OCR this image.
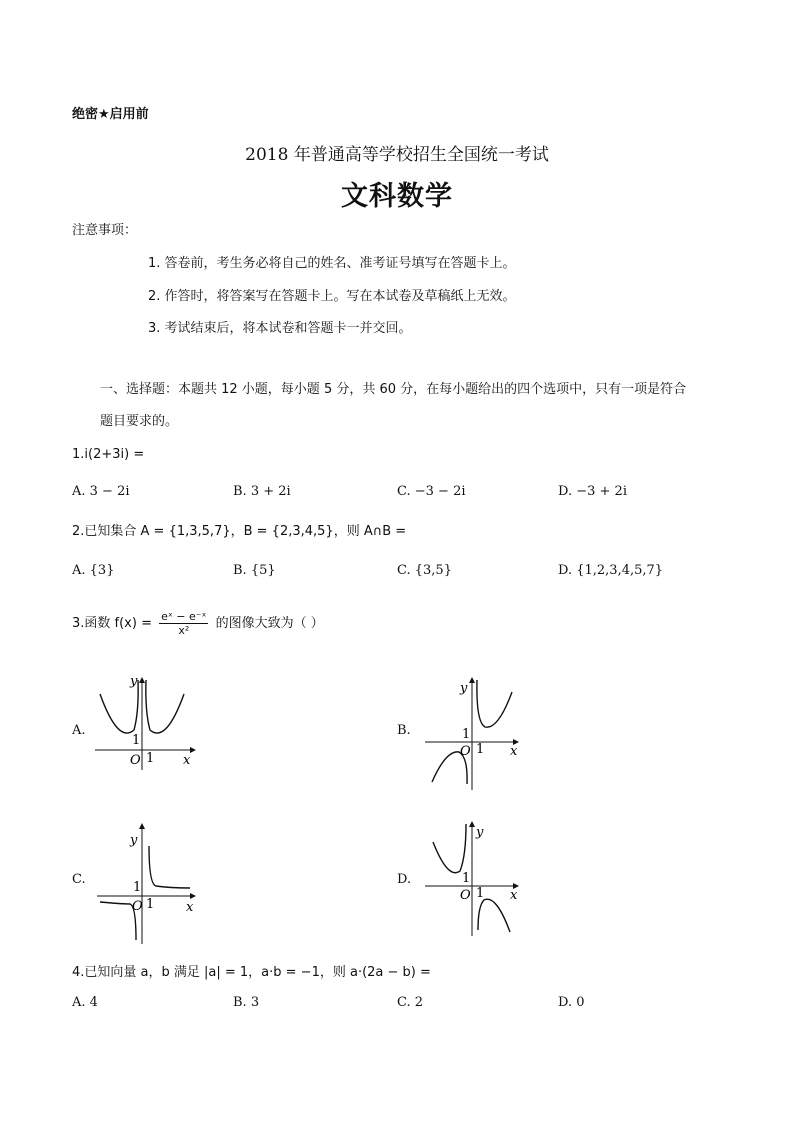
绝密★启用前
2018 年普通高等学校招生全国统一考试
文科数学
注意事项：
1. 答卷前，考生务必将自己的姓名、准考证号填写在答题卡上。
2. 作答时，将答案写在答题卡上。写在本试卷及草稿纸上无效。
3. 考试结束后，将本试卷和答题卡一并交回。
一、选择题：本题共 12 小题，每小题 5 分，共 60 分，在每小题给出的四个选项中，只有一项是符合
题目要求的。
1.i(2+3i) =
A. 3 − 2i	B. 3 + 2i	C. −3 − 2i	D. −3 + 2i
2.已知集合 A = {1,3,5,7}，B = {2,3,4,5}，则 A∩B =
A. {3}	B. {5}	C. {3,5}	D. {1,2,3,4,5,7}
3.函数 $f(x) = \frac{\text{eˣ − e⁻ˣ}}{\text{x²}}$ 的图像大致为（ ）
A.	B.
C.	D.
y
1
O 1 x
y
1
O 1 x
y
1
O 1 x
y
1
O 1 x
4.已知向量 a，b 满足 |a| = 1，a·b = −1，则 a·(2a − b) =
A. 4	B. 3	C. 2	D. 0
